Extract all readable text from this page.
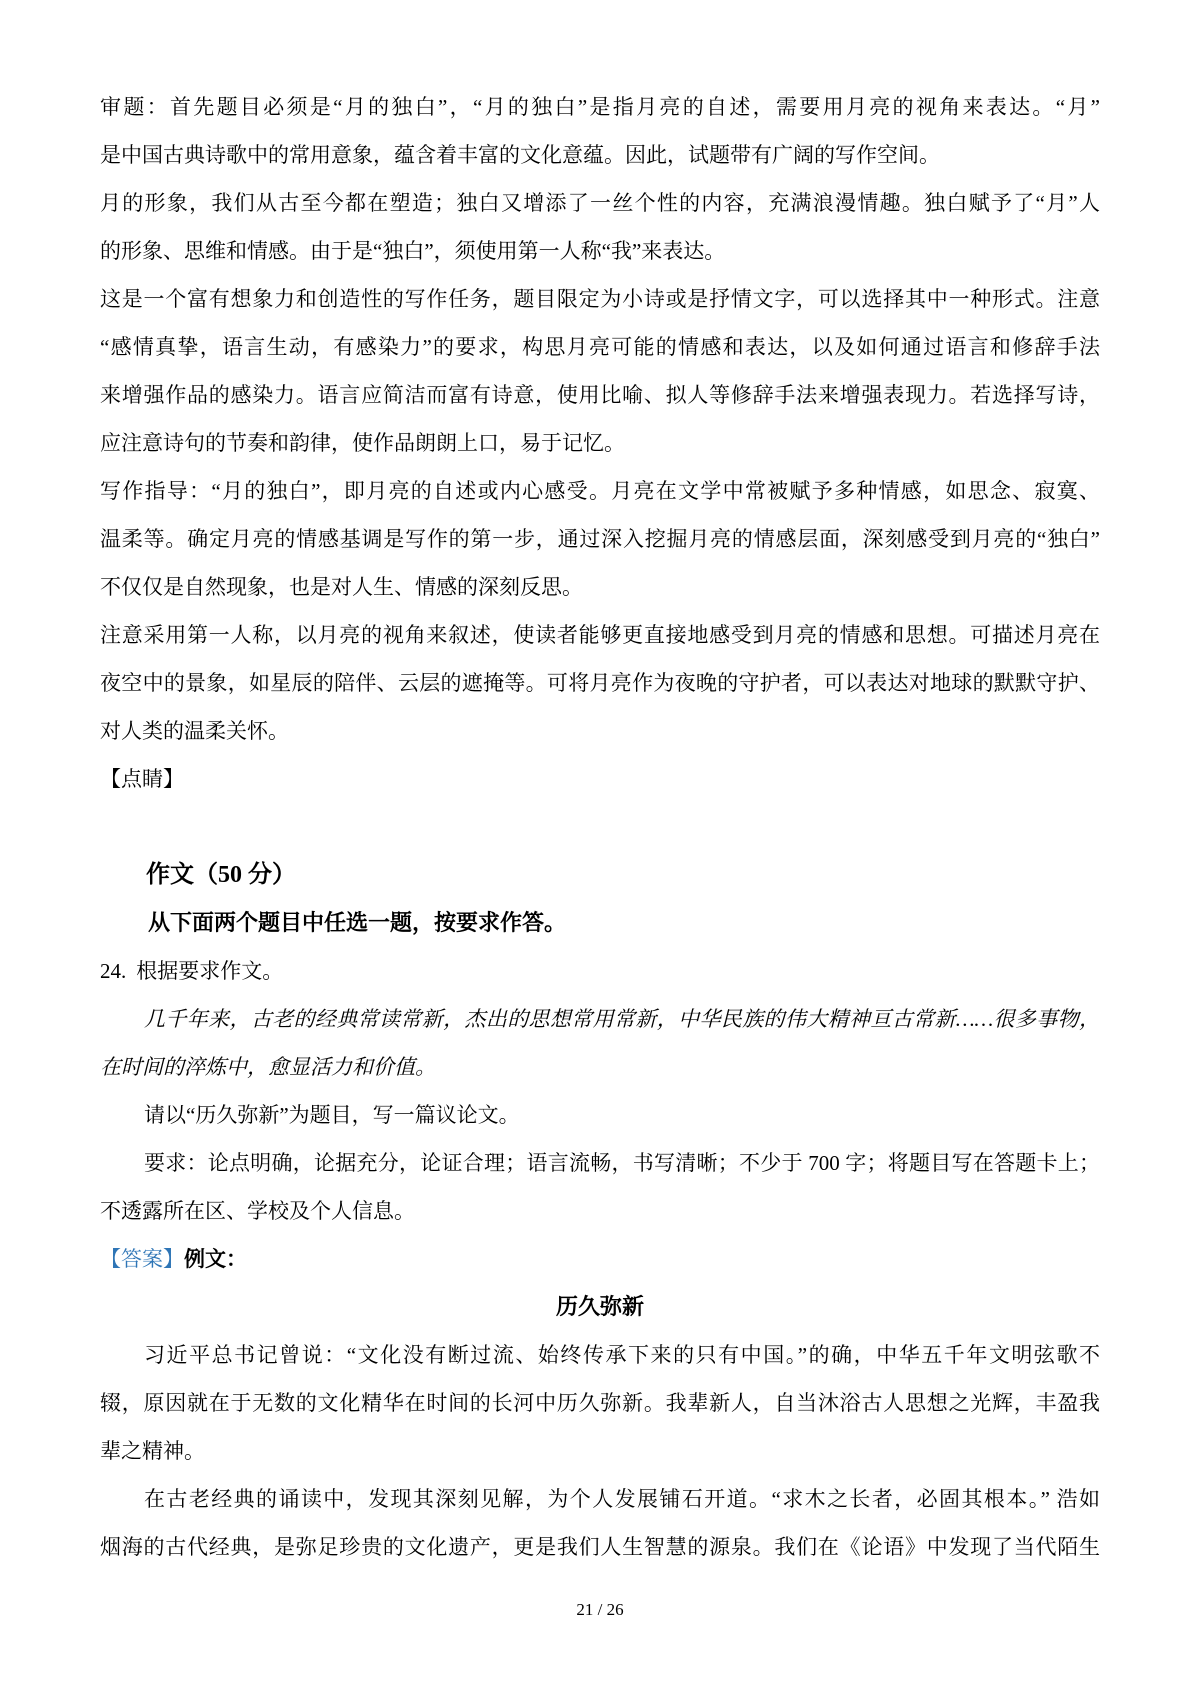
审题：首先题目必须是“月的独白”，“月的独白”是指月亮的自述，需要用月亮的视角来表达。“月”
是中国古典诗歌中的常用意象，蕴含着丰富的文化意蕴。因此，试题带有广阔的写作空间。
月的形象，我们从古至今都在塑造；独白又增添了一丝个性的内容，充满浪漫情趣。独白赋予了“月”人
的形象、思维和情感。由于是“独白”，须使用第一人称“我”来表达。
这是一个富有想象力和创造性的写作任务，题目限定为小诗或是抒情文字，可以选择其中一种形式。注意
“感情真挚，语言生动，有感染力”的要求，构思月亮可能的情感和表达，以及如何通过语言和修辞手法
来增强作品的感染力。语言应简洁而富有诗意，使用比喻、拟人等修辞手法来增强表现力。若选择写诗，
应注意诗句的节奏和韵律，使作品朗朗上口，易于记忆。
写作指导：“月的独白”，即月亮的自述或内心感受。月亮在文学中常被赋予多种情感，如思念、寂寞、
温柔等。确定月亮的情感基调是写作的第一步，通过深入挖掘月亮的情感层面，深刻感受到月亮的“独白”
不仅仅是自然现象，也是对人生、情感的深刻反思。
注意采用第一人称，以月亮的视角来叙述，使读者能够更直接地感受到月亮的情感和思想。可描述月亮在
夜空中的景象，如星辰的陪伴、云层的遮掩等。可将月亮作为夜晚的守护者，可以表达对地球的默默守护、
对人类的温柔关怀。
【点睛】
作文（50 分）
从下面两个题目中任选一题，按要求作答。
24. 根据要求作文。
几千年来，古老的经典常读常新，杰出的思想常用常新，中华民族的伟大精神亘古常新……很多事物，
在时间的淬炼中，愈显活力和价值。
请以“历久弥新”为题目，写一篇议论文。
要求：论点明确，论据充分，论证合理；语言流畅，书写清晰；不少于 700 字；将题目写在答题卡上；
不透露所在区、学校及个人信息。
【答案】例文：
历久弥新
习近平总书记曾说：“文化没有断过流、始终传承下来的只有中国。”的确，中华五千年文明弦歌不
辍，原因就在于无数的文化精华在时间的长河中历久弥新。我辈新人，自当沐浴古人思想之光辉，丰盈我
辈之精神。
在古老经典的诵读中，发现其深刻见解，为个人发展铺石开道。“求木之长者，必固其根本。” 浩如
烟海的古代经典，是弥足珍贵的文化遗产，更是我们人生智慧的源泉。我们在《论语》中发现了当代陌生
21 / 26
